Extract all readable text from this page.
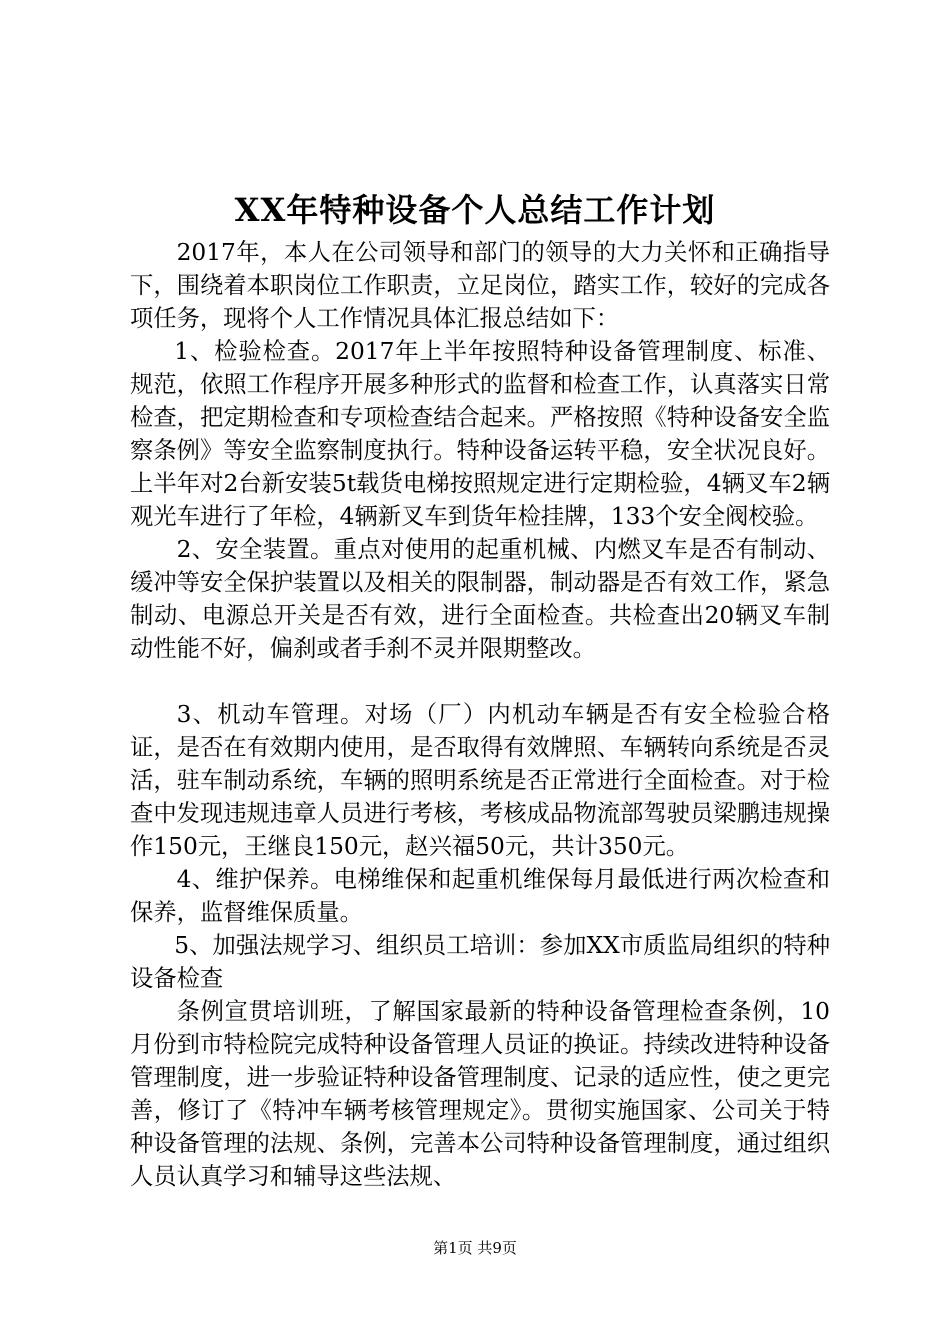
XX年特种设备个人总结工作计划

2017年，本人在公司领导和部门的领导的大力关怀和正确指导下，围绕着本职岗位工作职责，立足岗位，踏实工作，较好的完成各项任务，现将个人工作情况具体汇报总结如下：

1、检验检查。2017年上半年按照特种设备管理制度、标准、规范，依照工作程序开展多种形式的监督和检查工作，认真落实日常检查，把定期检查和专项检查结合起来。严格按照《特种设备安全监察条例》等安全监察制度执行。特种设备运转平稳，安全状况良好。上半年对2台新安装5t载货电梯按照规定进行定期检验，4辆叉车2辆观光车进行了年检，4辆新叉车到货年检挂牌，133个安全阀校验。

2、安全装置。重点对使用的起重机械、内燃叉车是否有制动、缓冲等安全保护装置以及相关的限制器，制动器是否有效工作，紧急制动、电源总开关是否有效，进行全面检查。共检查出20辆叉车制动性能不好，偏刹或者手刹不灵并限期整改。

3、机动车管理。对场（厂）内机动车辆是否有安全检验合格证，是否在有效期内使用，是否取得有效牌照、车辆转向系统是否灵活，驻车制动系统，车辆的照明系统是否正常进行全面检查。对于检查中发现违规违章人员进行考核，考核成品物流部驾驶员梁鹏违规操作150元，王继良150元，赵兴福50元，共计350元。

4、维护保养。电梯维保和起重机维保每月最低进行两次检查和保养，监督维保质量。

5、加强法规学习、组织员工培训：参加XX市质监局组织的特种设备检查

条例宣贯培训班，了解国家最新的特种设备管理检查条例，10月份到市特检院完成特种设备管理人员证的换证。持续改进特种设备管理制度，进一步验证特种设备管理制度、记录的适应性，使之更完善，修订了《特冲车辆考核管理规定》。贯彻实施国家、公司关于特种设备管理的法规、条例，完善本公司特种设备管理制度，通过组织人员认真学习和辅导这些法规、

第1页 共9页
